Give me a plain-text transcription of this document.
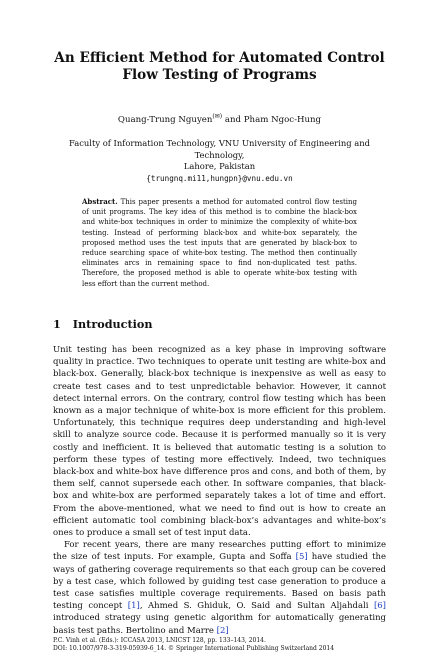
An Efficient Method for Automated Control
Flow Testing of Programs
Quang-Trung Nguyen(✉) and Pham Ngoc-Hung
Faculty of Information Technology, VNU University of Engineering and Technology,
Lahore, Pakistan
{trungnq.mi11,hungpn}@vnu.edu.vn
Abstract. This paper presents a method for automated control flow testing of unit programs. The key idea of this method is to combine the black-box and white-box techniques in order to minimize the complexity of white-box testing. Instead of performing black-box and white-box separately, the proposed method uses the test inputs that are generated by black-box to reduce searching space of white-box testing. The method then continually eliminates arcs in remaining space to find non-duplicated test paths. Therefore, the proposed method is able to operate white-box testing with less effort than the current method.
1 Introduction

Unit testing has been recognized as a key phase in improving software quality in practice. Two techniques to operate unit testing are white-box and black-box. Generally, black-box technique is inexpensive as well as easy to create test cases and to test unpredictable behavior. However, it cannot detect internal errors. On the contrary, control flow testing which has been known as a major technique of white-box is more efficient for this problem. Unfortunately, this technique requires deep understanding and high-level skill to analyze source code. Because it is performed manually so it is very costly and inefficient. It is believed that automatic testing is a solution to perform these types of testing more effectively. Indeed, two techniques black-box and white-box have difference pros and cons, and both of them, by them self, cannot supersede each other. In software companies, that black-box and white-box are performed separately takes a lot of time and effort. From the above-mentioned, what we need to find out is how to create an efficient automatic tool combining black-box’s advantages and white-box’s ones to produce a small set of test input data.

For recent years, there are many researches putting effort to minimize the size of test inputs. For example, Gupta and Soffa [5] have studied the ways of gathering coverage requirements so that each group can be covered by a test case, which followed by guiding test case generation to produce a test case satisfies multiple coverage requirements. Based on basis path testing concept [1], Ahmed S. Ghiduk, O. Said and Sultan Aljahdali [6] introduced strategy using genetic algorithm for automatically generating basis test paths. Bertolino and Marre [2]

P.C. Vinh et al. (Eds.): ICCASA 2013, LNICST 128, pp. 133–143, 2014.
DOI: 10.1007/978-3-319-05939-6_14. © Springer International Publishing Switzerland 2014
